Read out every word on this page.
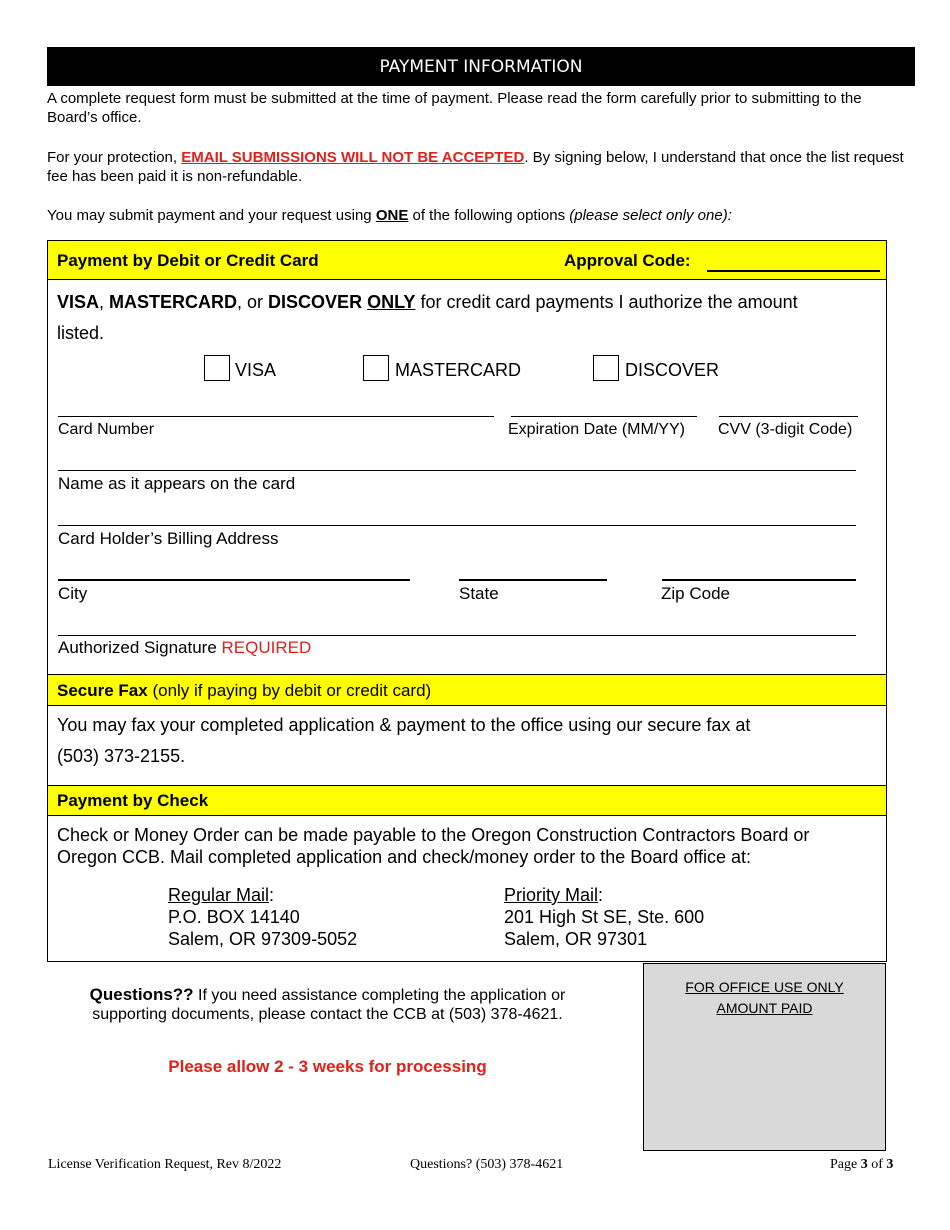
PAYMENT INFORMATION
A complete request form must be submitted at the time of payment. Please read the form carefully prior to submitting to the Board’s office.
For your protection, EMAIL SUBMISSIONS WILL NOT BE ACCEPTED. By signing below, I understand that once the list request fee has been paid it is non-refundable.
You may submit payment and your request using ONE of the following options (please select only one):
Payment by Debit or Credit Card	Approval Code:
VISA, MASTERCARD, or DISCOVER ONLY for credit card payments I authorize the amount
listed.
VISA	MASTERCARD	DISCOVER
Card Number	Expiration Date (MM/YY) CVV (3-digit Code)
Name as it appears on the card
Card Holder’s Billing Address
City	State	Zip Code
Authorized Signature REQUIRED
Secure Fax (only if paying by debit or credit card)
You may fax your completed application & payment to the office using our secure fax at
(503) 373-2155.
Payment by Check
Check or Money Order can be made payable to the Oregon Construction Contractors Board or
Oregon CCB. Mail completed application and check/money order to the Board office at:
Regular Mail:
P.O. BOX 14140
Salem, OR 97309-5052
Priority Mail:
201 High St SE, Ste. 600
Salem, OR 97301
Questions?? If you need assistance completing the application or
supporting documents, please contact the CCB at (503) 378-4621.
Please allow 2 - 3 weeks for processing
FOR OFFICE USE ONLY
AMOUNT PAID
License Verification Request, Rev 8/2022	Questions? (503) 378-4621	Page 3 of 3
